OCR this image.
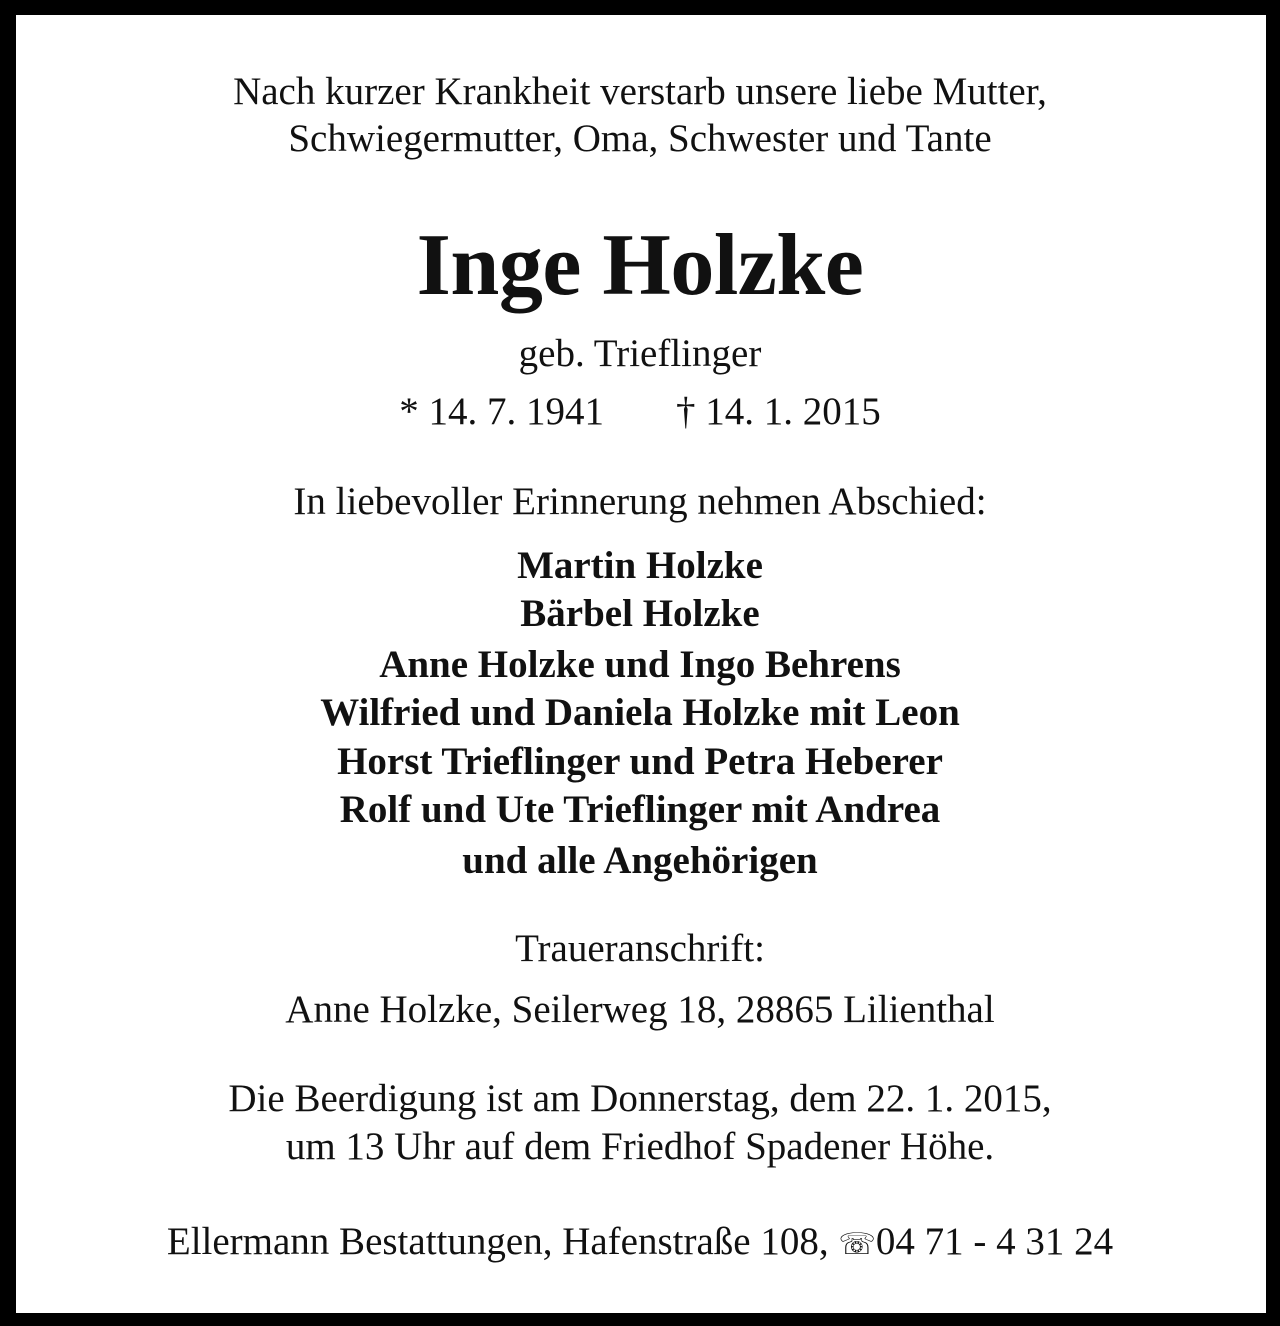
Nach kurzer Krankheit verstarb unsere liebe Mutter,
Schwiegermutter, Oma, Schwester und Tante
Inge Holzke
geb. Trieflinger
* 14. 7. 1941 † 14. 1. 2015
In liebevoller Erinnerung nehmen Abschied:
Martin Holzke
Bärbel Holzke
Anne Holzke und Ingo Behrens
Wilfried und Daniela Holzke mit Leon
Horst Trieflinger und Petra Heberer
Rolf und Ute Trieflinger mit Andrea
und alle Angehörigen
Traueranschrift:
Anne Holzke, Seilerweg 18, 28865 Lilienthal
Die Beerdigung ist am Donnerstag, dem 22. 1. 2015,
um 13 Uhr auf dem Friedhof Spadener Höhe.
Ellermann Bestattungen, Hafenstraße 108, ☏04 71 - 4 31 24
